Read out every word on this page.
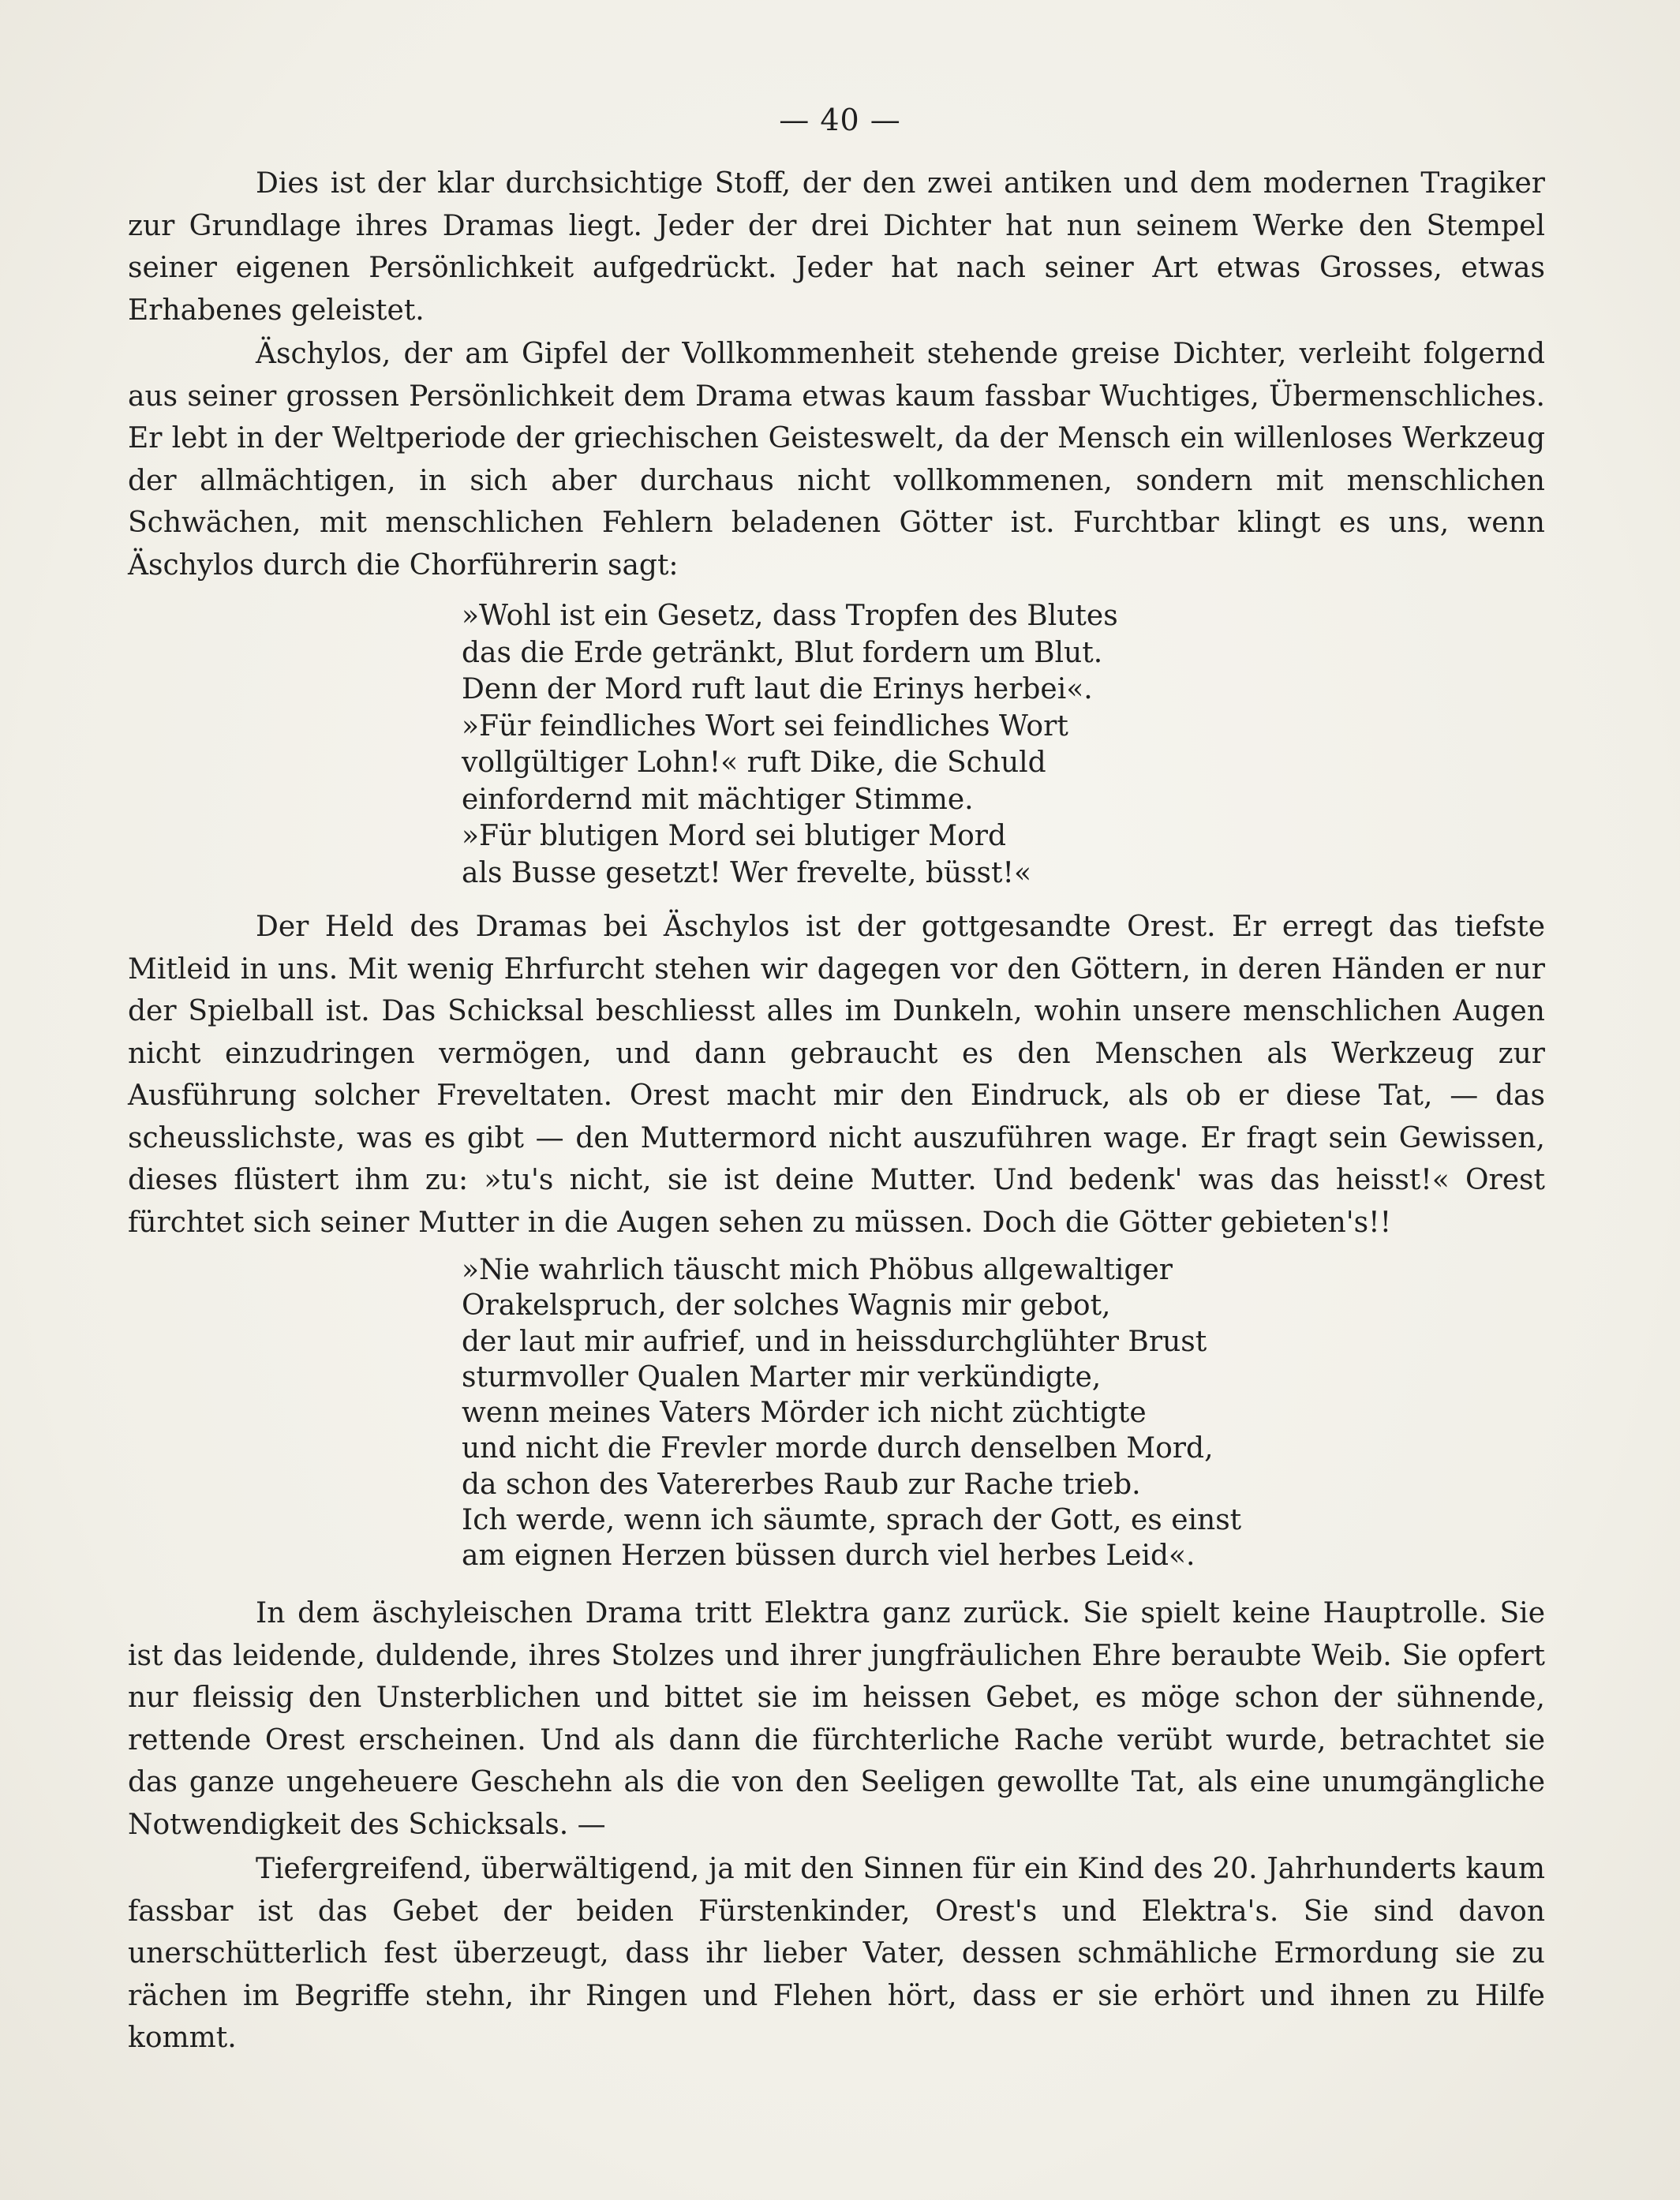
— 40 —

Dies ist der klar durchsichtige Stoff, der den zwei antiken und dem modernen Tragiker zur Grundlage ihres Dramas liegt. Jeder der drei Dichter hat nun seinem Werke den Stempel seiner eigenen Persönlichkeit aufgedrückt. Jeder hat nach seiner Art etwas Grosses, etwas Erhabenes geleistet.

Äschylos, der am Gipfel der Vollkommenheit stehende greise Dichter, verleiht folgernd aus seiner grossen Persönlichkeit dem Drama etwas kaum fassbar Wuchtiges, Übermenschliches. Er lebt in der Weltperiode der griechischen Geisteswelt, da der Mensch ein willenloses Werkzeug der allmächtigen, in sich aber durchaus nicht vollkommenen, sondern mit menschlichen Schwächen, mit menschlichen Fehlern beladenen Götter ist. Furchtbar klingt es uns, wenn Äschylos durch die Chorführerin sagt:

»Wohl ist ein Gesetz, dass Tropfen des Blutes
das die Erde getränkt, Blut fordern um Blut.
Denn der Mord ruft laut die Erinys herbei«.
»Für feindliches Wort sei feindliches Wort
vollgültiger Lohn!« ruft Dike, die Schuld
einfordernd mit mächtiger Stimme.
»Für blutigen Mord sei blutiger Mord
als Busse gesetzt! Wer frevelte, büsst!«

Der Held des Dramas bei Äschylos ist der gottgesandte Orest. Er erregt das tiefste Mitleid in uns. Mit wenig Ehrfurcht stehen wir dagegen vor den Göttern, in deren Händen er nur der Spielball ist. Das Schicksal beschliesst alles im Dunkeln, wohin unsere menschlichen Augen nicht einzudringen vermögen, und dann gebraucht es den Menschen als Werkzeug zur Ausführung solcher Freveltaten. Orest macht mir den Eindruck, als ob er diese Tat, — das scheusslichste, was es gibt — den Muttermord nicht auszuführen wage. Er fragt sein Gewissen, dieses flüstert ihm zu: »tu's nicht, sie ist deine Mutter. Und bedenk' was das heisst!« Orest fürchtet sich seiner Mutter in die Augen sehen zu müssen. Doch die Götter gebieten's!!

»Nie wahrlich täuscht mich Phöbus allgewaltiger
Orakelspruch, der solches Wagnis mir gebot,
der laut mir aufrief, und in heissdurchglühter Brust
sturmvoller Qualen Marter mir verkündigte,
wenn meines Vaters Mörder ich nicht züchtigte
und nicht die Frevler morde durch denselben Mord,
da schon des Vatererbes Raub zur Rache trieb.
Ich werde, wenn ich säumte, sprach der Gott, es einst
am eignen Herzen büssen durch viel herbes Leid«.

In dem äschyleischen Drama tritt Elektra ganz zurück. Sie spielt keine Hauptrolle. Sie ist das leidende, duldende, ihres Stolzes und ihrer jungfräulichen Ehre beraubte Weib. Sie opfert nur fleissig den Unsterblichen und bittet sie im heissen Gebet, es möge schon der sühnende, rettende Orest erscheinen. Und als dann die fürchterliche Rache verübt wurde, betrachtet sie das ganze ungeheuere Geschehn als die von den Seeligen gewollte Tat, als eine unumgängliche Notwendigkeit des Schicksals. —

Tiefergreifend, überwältigend, ja mit den Sinnen für ein Kind des 20. Jahrhunderts kaum fassbar ist das Gebet der beiden Fürstenkinder, Orest's und Elektra's. Sie sind davon unerschütterlich fest überzeugt, dass ihr lieber Vater, dessen schmähliche Ermordung sie zu rächen im Begriffe stehn, ihr Ringen und Flehen hört, dass er sie erhört und ihnen zu Hilfe kommt.
